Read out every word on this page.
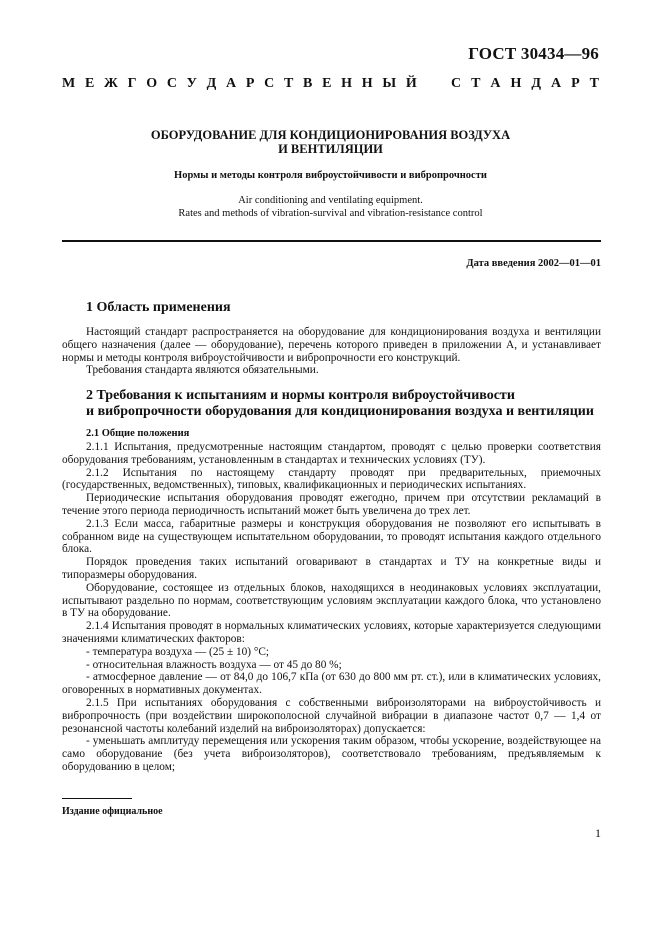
ГОСТ 30434—96
М Е Ж Г О С У Д А Р С Т В Е Н Н Ы Й С Т А Н Д А Р Т
ОБОРУДОВАНИЕ ДЛЯ КОНДИЦИОНИРОВАНИЯ ВОЗДУХА
И ВЕНТИЛЯЦИИ
Нормы и методы контроля виброустойчивости и вибропрочности
Air conditioning and ventilating equipment.
Rates and methods of vibration-survival and vibration-resistance control
Дата введения 2002—01—01
1 Область применения

Настоящий стандарт распространяется на оборудование для кондиционирования воздуха и вентиляции общего назначения (далее — оборудование), перечень которого приведен в приложении А, и устанавливает нормы и методы контроля виброустойчивости и вибропрочности его конструкций.

Требования стандарта являются обязательными.

2 Требования к испытаниям и нормы контроля виброустойчивости
и вибропрочности оборудования для кондиционирования воздуха и вентиляции
2.1 Общие положения

2.1.1 Испытания, предусмотренные настоящим стандартом, проводят с целью проверки соответствия оборудования требованиям, установленным в стандартах и технических условиях (ТУ).

2.1.2 Испытания по настоящему стандарту проводят при предварительных, приемочных (государственных, ведомственных), типовых, квалификационных и периодических испытаниях.

Периодические испытания оборудования проводят ежегодно, причем при отсутствии рекламаций в течение этого периода периодичность испытаний может быть увеличена до трех лет.

2.1.3 Если масса, габаритные размеры и конструкция оборудования не позволяют его испытывать в собранном виде на существующем испытательном оборудовании, то проводят испытания каждого отдельного блока.

Порядок проведения таких испытаний оговаривают в стандартах и ТУ на конкретные виды и типоразмеры оборудования.

Оборудование, состоящее из отдельных блоков, находящихся в неодинаковых условиях эксплуатации, испытывают раздельно по нормам, соответствующим условиям эксплуатации каждого блока, что установлено в ТУ на оборудование.

2.1.4 Испытания проводят в нормальных климатических условиях, которые характеризуется следующими значениями климатических факторов:

- температура воздуха — (25 ± 10) °С;

- относительная влажность воздуха — от 45 до 80 %;

- атмосферное давление — от 84,0 до 106,7 кПа (от 630 до 800 мм рт. ст.), или в климатических условиях, оговоренных в нормативных документах.

2.1.5 При испытаниях оборудования с собственными виброизоляторами на виброустойчивость и вибропрочность (при воздействии широкополосной случайной вибрации в диапазоне частот 0,7 — 1,4 от резонансной частоты колебаний изделий на виброизоляторах) допускается:

- уменьшать амплитуду перемещения или ускорения таким образом, чтобы ускорение, воздействующее на само оборудование (без учета виброизоляторов), соответствовало требованиям, предъявляемым к оборудованию в целом;

Издание официальное
1
